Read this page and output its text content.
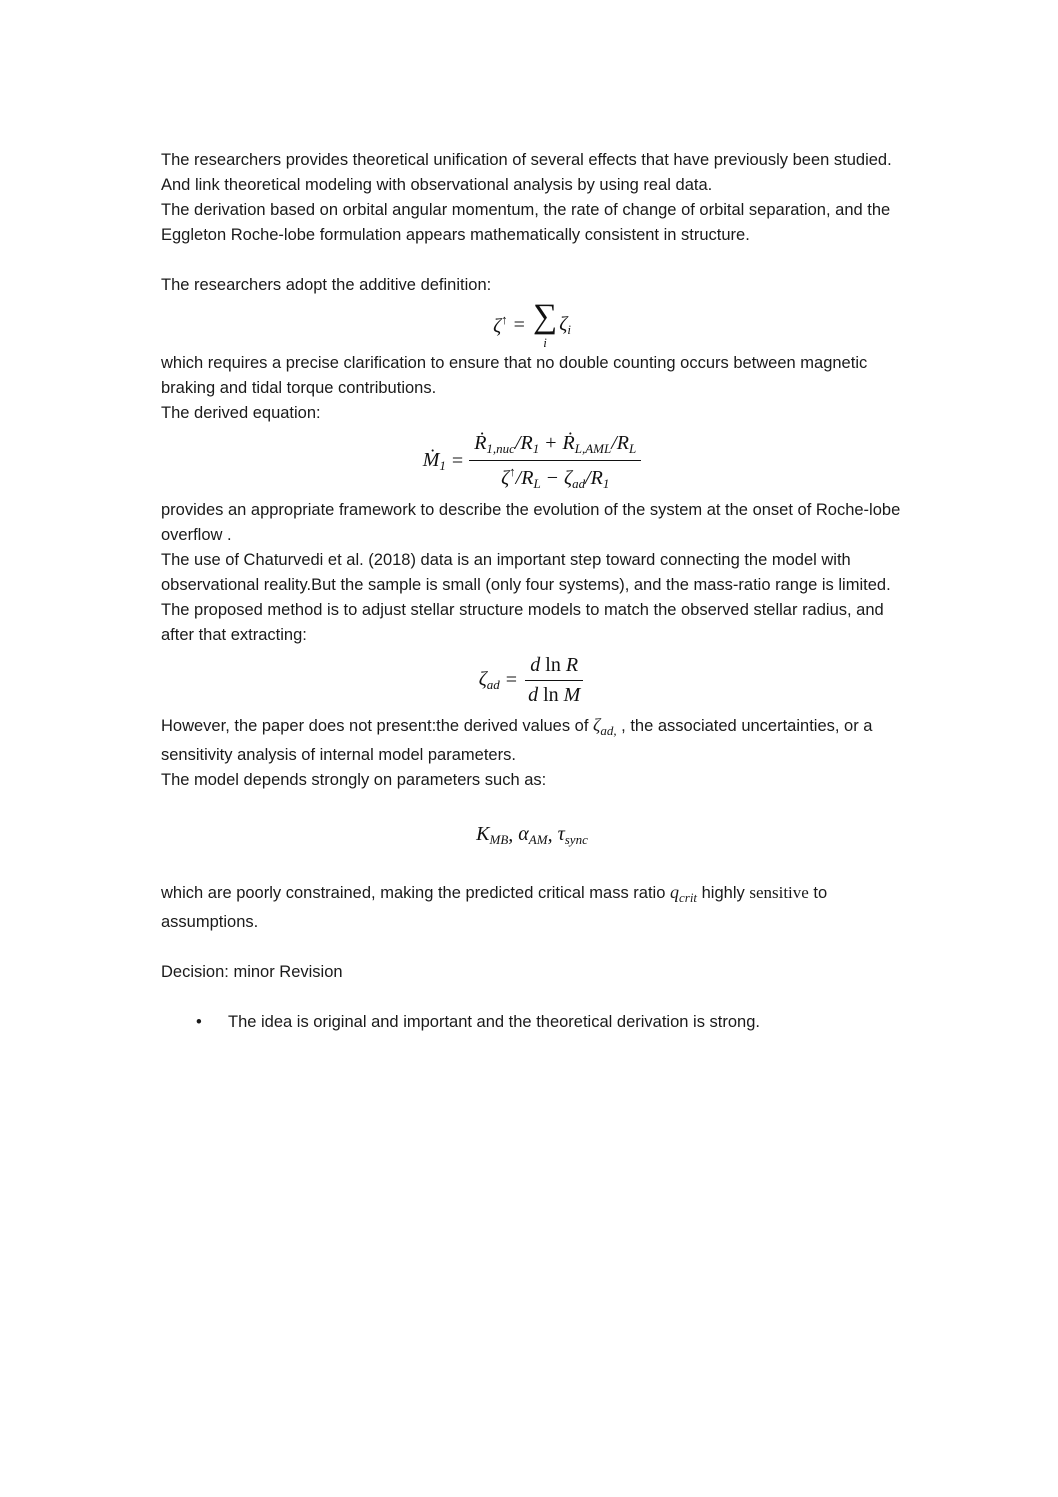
The researchers provides theoretical unification of several effects that have previously been studied. And link theoretical modeling with observational analysis by using real data.

The derivation based on orbital angular momentum, the rate of change of orbital separation, and the Eggleton Roche-lobe formulation appears mathematically consistent in structure.

The researchers adopt the additive definition:

ζ↑ = ∑
i
$\zeta_i$

which requires a precise clarification to ensure that no double counting occurs between magnetic braking and tidal torque contributions.

The derived equation:

Ṁ$_1$ = $\frac{Ṙ_{1,nuc}/R_1 + Ṙ_{L,AML}/R_L}{\zeta^↑/R_L - \zeta_{ad}/R_1}$

provides an appropriate framework to describe the evolution of the system at the onset of Roche-lobe overflow .

The use of Chaturvedi et al. (2018) data is an important step toward connecting the model with observational reality.But the sample is small (only four systems), and the mass-ratio range is limited.

The proposed method is to adjust stellar structure models to match the observed stellar radius, and after that extracting:

$\zeta_{ad} = \frac{\text{d ln R}}{\text{d ln M}}$

However, the paper does not present:the derived values of $\zeta_{ad,}$ , the associated uncertainties, or a sensitivity analysis of internal model parameters.

The model depends strongly on parameters such as:

$K_{MB}$ ,
$\alpha_{AM}$ ,
$\tau_{sync}$

which are poorly constrained, making the predicted critical mass ratio $q_{crit}$ highly sensitive to assumptions.

Decision: minor Revision

•	The idea is original and important and the theoretical derivation is strong.
